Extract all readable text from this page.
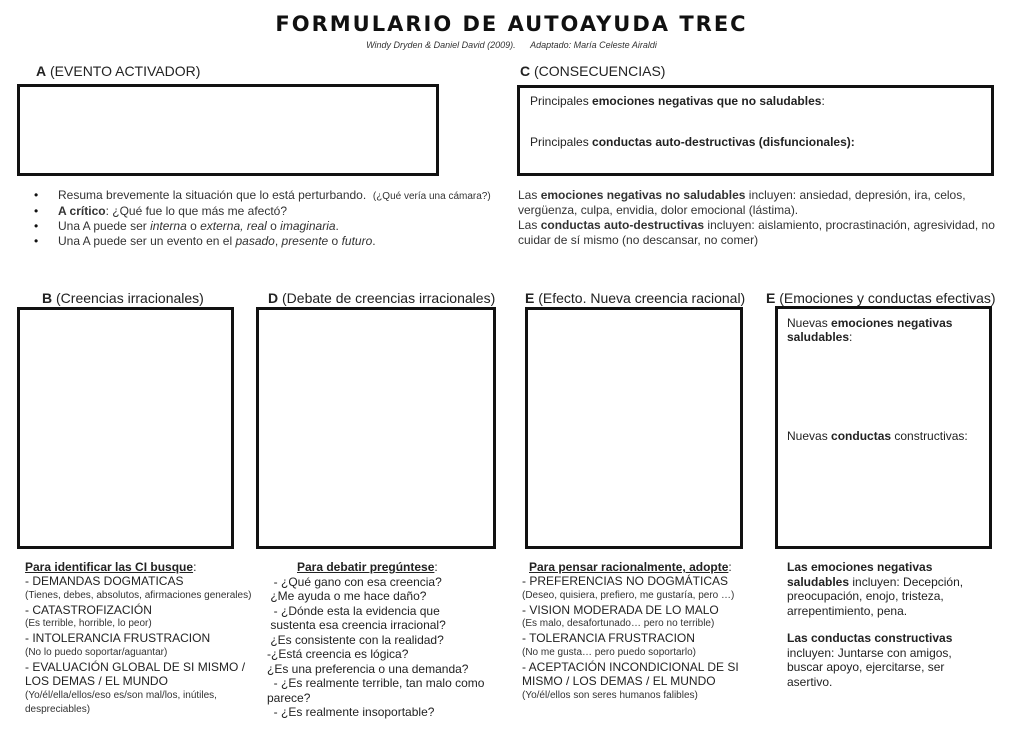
FORMULARIO DE AUTOAYUDA TREC
Windy Dryden & Daniel David (2009). Adaptado: María Celeste Airaldi
A (EVENTO ACTIVADOR)
• Resuma brevemente la situación que lo está perturbando. (¿Qué vería una cámara?)
• A crítico: ¿Qué fue lo que más me afectó?
• Una A puede ser interna o externa, real o imaginaria.
• Una A puede ser un evento en el pasado, presente o futuro.
C (CONSECUENCIAS)
Principales emociones negativas que no saludables:
Principales conductas auto-destructivas (disfuncionales):
Las emociones negativas no saludables incluyen: ansiedad, depresión, ira, celos, vergüenza, culpa, envidia, dolor emocional (lástima).
Las conductas auto-destructivas incluyen: aislamiento, procrastinación, agresividad, no cuidar de sí mismo (no descansar, no comer)
B (Creencias irracionales)
Para identificar las CI busque:
- DEMANDAS DOGMATICAS
(Tienes, debes, absolutos, afirmaciones generales)
- CATASTROFIZACIÓN
(Es terrible, horrible, lo peor)
- INTOLERANCIA FRUSTRACION
(No lo puedo soportar/aguantar)
- EVALUACIÓN GLOBAL DE SI MISMO / LOS DEMAS / EL MUNDO
(Yo/él/ella/ellos/eso es/son mal/los, inútiles, despreciables)
D (Debate de creencias irracionales)
Para debatir pregúntese:
- ¿Qué gano con esa creencia?
¿Me ayuda o me hace daño?
- ¿Dónde esta la evidencia que
sustenta esa creencia irracional?
¿Es consistente con la realidad?
-¿Está creencia es lógica?
¿Es una preferencia o una demanda?
- ¿Es realmente terrible, tan malo como parece?
- ¿Es realmente insoportable?
E (Efecto. Nueva creencia racional)
Para pensar racionalmente, adopte:
- PREFERENCIAS NO DOGMÁTICAS
(Deseo, quisiera, prefiero, me gustaría, pero …)
- VISION MODERADA DE LO MALO
(Es malo, desafortunado… pero no terrible)
- TOLERANCIA FRUSTRACION
(No me gusta… pero puedo soportarlo)
- ACEPTACIÓN INCONDICIONAL DE SI MISMO / LOS DEMAS / EL MUNDO
(Yo/él/ellos son seres humanos falibles)
E (Emociones y conductas efectivas)
Nuevas emociones negativas saludables:
Nuevas conductas constructivas:
Las emociones negativas saludables incluyen: Decepción, preocupación, enojo, tristeza, arrepentimiento, pena.
Las conductas constructivas incluyen: Juntarse con amigos, buscar apoyo, ejercitarse, ser asertivo.
